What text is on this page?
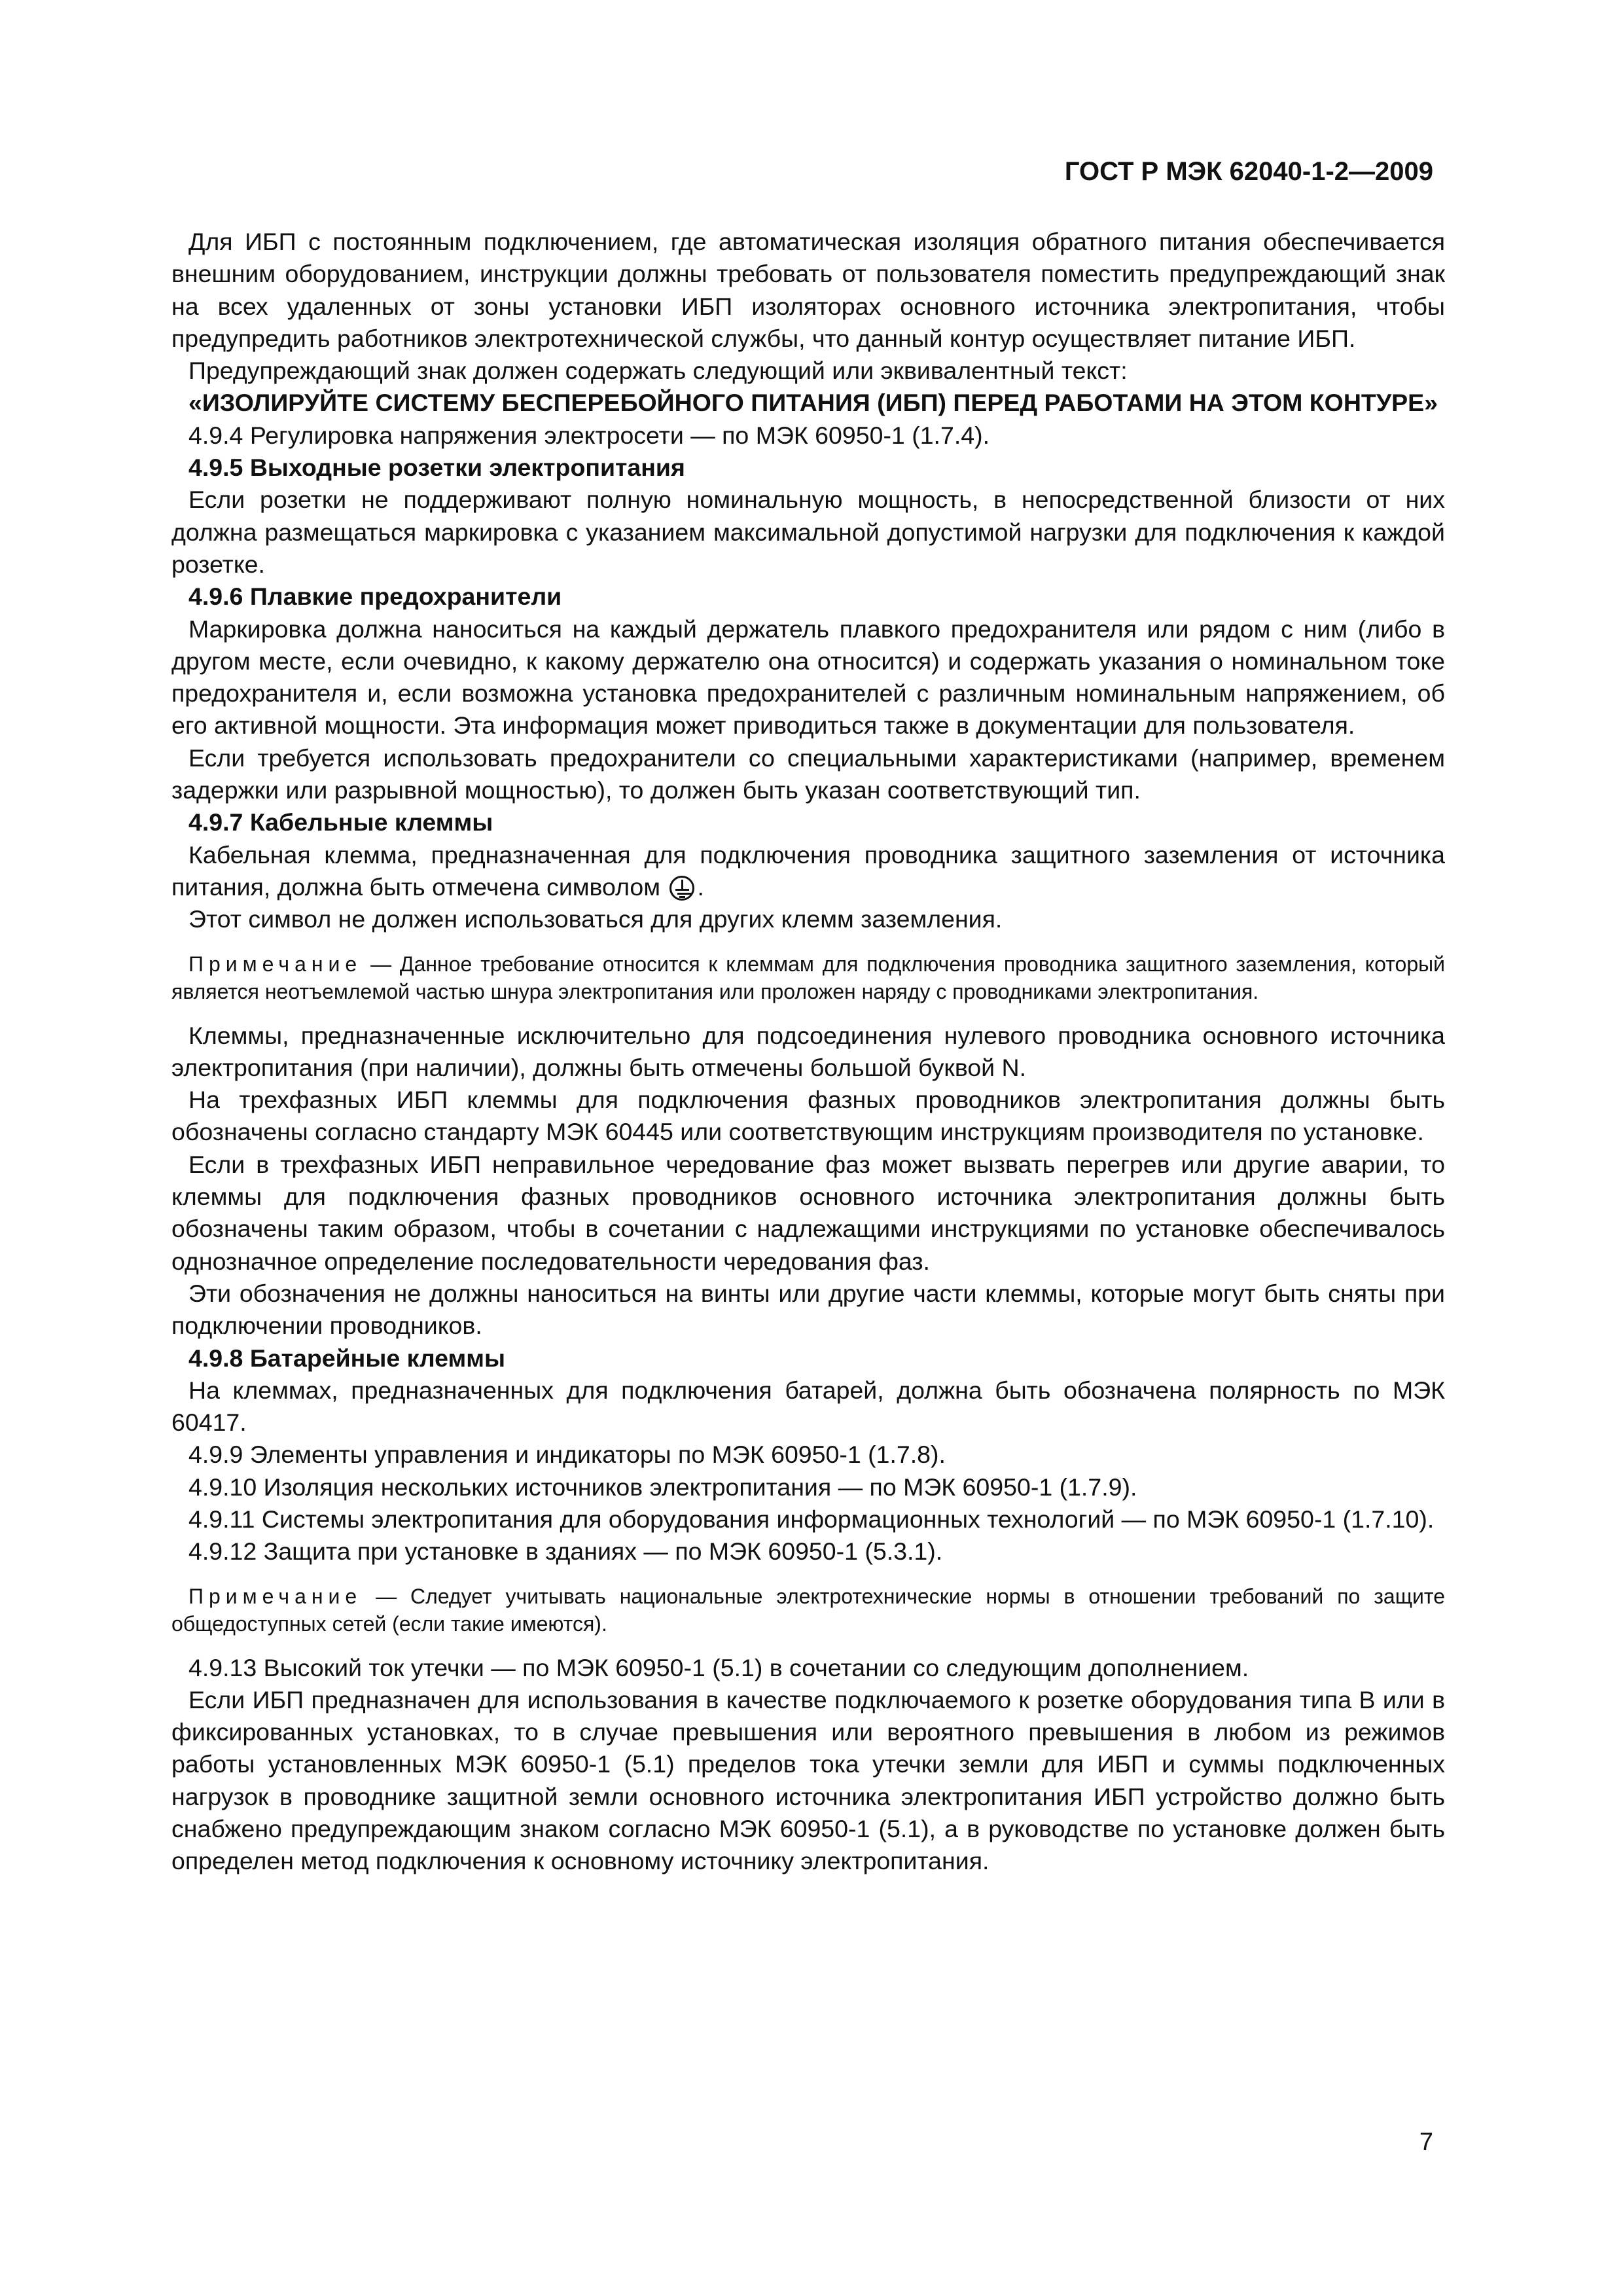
ГОСТ Р МЭК 62040-1-2—2009

Для ИБП с постоянным подключением, где автоматическая изоляция обратного питания обеспечивается внешним оборудованием, инструкции должны требовать от пользователя поместить предупреждающий знак на всех удаленных от зоны установки ИБП изоляторах основного источника электропитания, чтобы предупредить работников электротехнической службы, что данный контур осуществляет питание ИБП.

Предупреждающий знак должен содержать следующий или эквивалентный текст:

«ИЗОЛИРУЙТЕ СИСТЕМУ БЕСПЕРЕБОЙНОГО ПИТАНИЯ (ИБП) ПЕРЕД РАБОТАМИ НА ЭТОМ КОНТУРЕ»

4.9.4 Регулировка напряжения электросети — по МЭК 60950-1 (1.7.4).

4.9.5 Выходные розетки электропитания

Если розетки не поддерживают полную номинальную мощность, в непосредственной близости от них должна размещаться маркировка с указанием максимальной допустимой нагрузки для подключения к каждой розетке.

4.9.6 Плавкие предохранители

Маркировка должна наноситься на каждый держатель плавкого предохранителя или рядом с ним (либо в другом месте, если очевидно, к какому держателю она относится) и содержать указания о номинальном токе предохранителя и, если возможна установка предохранителей с различным номинальным напряжением, об его активной мощности. Эта информация может приводиться также в документации для пользователя.

Если требуется использовать предохранители со специальными характеристиками (например, временем задержки или разрывной мощностью), то должен быть указан соответствующий тип.

4.9.7 Кабельные клеммы

Кабельная клемма, предназначенная для подключения проводника защитного заземления от источника питания, должна быть отмечена символом .

Этот символ не должен использоваться для других клемм заземления.

Примечание — Данное требование относится к клеммам для подключения проводника защитного заземления, который является неотъемлемой частью шнура электропитания или проложен наряду с проводниками электропитания.

Клеммы, предназначенные исключительно для подсоединения нулевого проводника основного источника электропитания (при наличии), должны быть отмечены большой буквой N.

На трехфазных ИБП клеммы для подключения фазных проводников электропитания должны быть обозначены согласно стандарту МЭК 60445 или соответствующим инструкциям производителя по установке.

Если в трехфазных ИБП неправильное чередование фаз может вызвать перегрев или другие аварии, то клеммы для подключения фазных проводников основного источника электропитания должны быть обозначены таким образом, чтобы в сочетании с надлежащими инструкциями по установке обеспечивалось однозначное определение последовательности чередования фаз.

Эти обозначения не должны наноситься на винты или другие части клеммы, которые могут быть сняты при подключении проводников.

4.9.8 Батарейные клеммы

На клеммах, предназначенных для подключения батарей, должна быть обозначена полярность по МЭК 60417.

4.9.9 Элементы управления и индикаторы по МЭК 60950-1 (1.7.8).

4.9.10 Изоляция нескольких источников электропитания — по МЭК 60950-1 (1.7.9).

4.9.11 Системы электропитания для оборудования информационных технологий — по МЭК 60950-1 (1.7.10).

4.9.12 Защита при установке в зданиях — по МЭК 60950-1 (5.3.1).

Примечание — Следует учитывать национальные электротехнические нормы в отношении требований по защите общедоступных сетей (если такие имеются).

4.9.13 Высокий ток утечки — по МЭК 60950-1 (5.1) в сочетании со следующим дополнением.

Если ИБП предназначен для использования в качестве подключаемого к розетке оборудования типа В или в фиксированных установках, то в случае превышения или вероятного превышения в любом из режимов работы установленных МЭК 60950-1 (5.1) пределов тока утечки земли для ИБП и суммы подключенных нагрузок в проводнике защитной земли основного источника электропитания ИБП устройство должно быть снабжено предупреждающим знаком согласно МЭК 60950-1 (5.1), а в руководстве по установке должен быть определен метод подключения к основному источнику электропитания.

7
